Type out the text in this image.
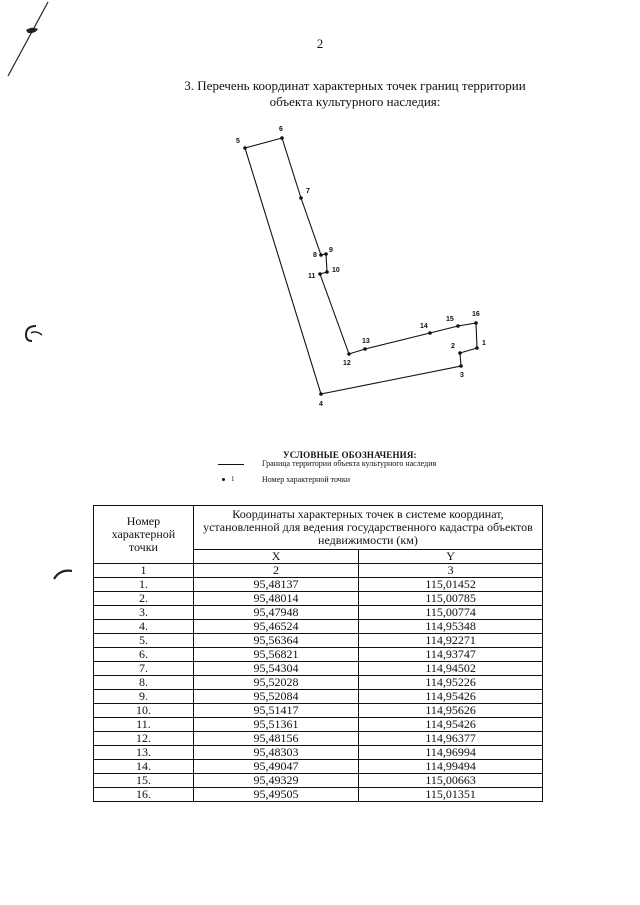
2
3. Перечень координат характерных точек границ территории
объекта культурного наследия:
1
2
3
4
5
6
7
8
9
10
11
12
13
14
15
16
УСЛОВНЫЕ ОБОЗНАЧЕНИЯ:
Граница территории объекта культурного наследия
1	Номер характерной точки
Номер характерной точки	Координаты характерных точек в системе координат, установленной для ведения государственного кадастра объектов недвижимости (км)	
	X	Y
1	2	3
1.	95,48137	115,01452
2.	95,48014	115,00785
3.	95,47948	115,00774
4.	95,46524	114,95348
5.	95,56364	114,92271
6.	95,56821	114,93747
7.	95,54304	114,94502
8.	95,52028	114,95226
9.	95,52084	114,95426
10.	95,51417	114,95626
11.	95,51361	114,95426
12.	95,48156	114,96377
13.	95,48303	114,96994
14.	95,49047	114,99494
15.	95,49329	115,00663
16.	95,49505	115,01351
